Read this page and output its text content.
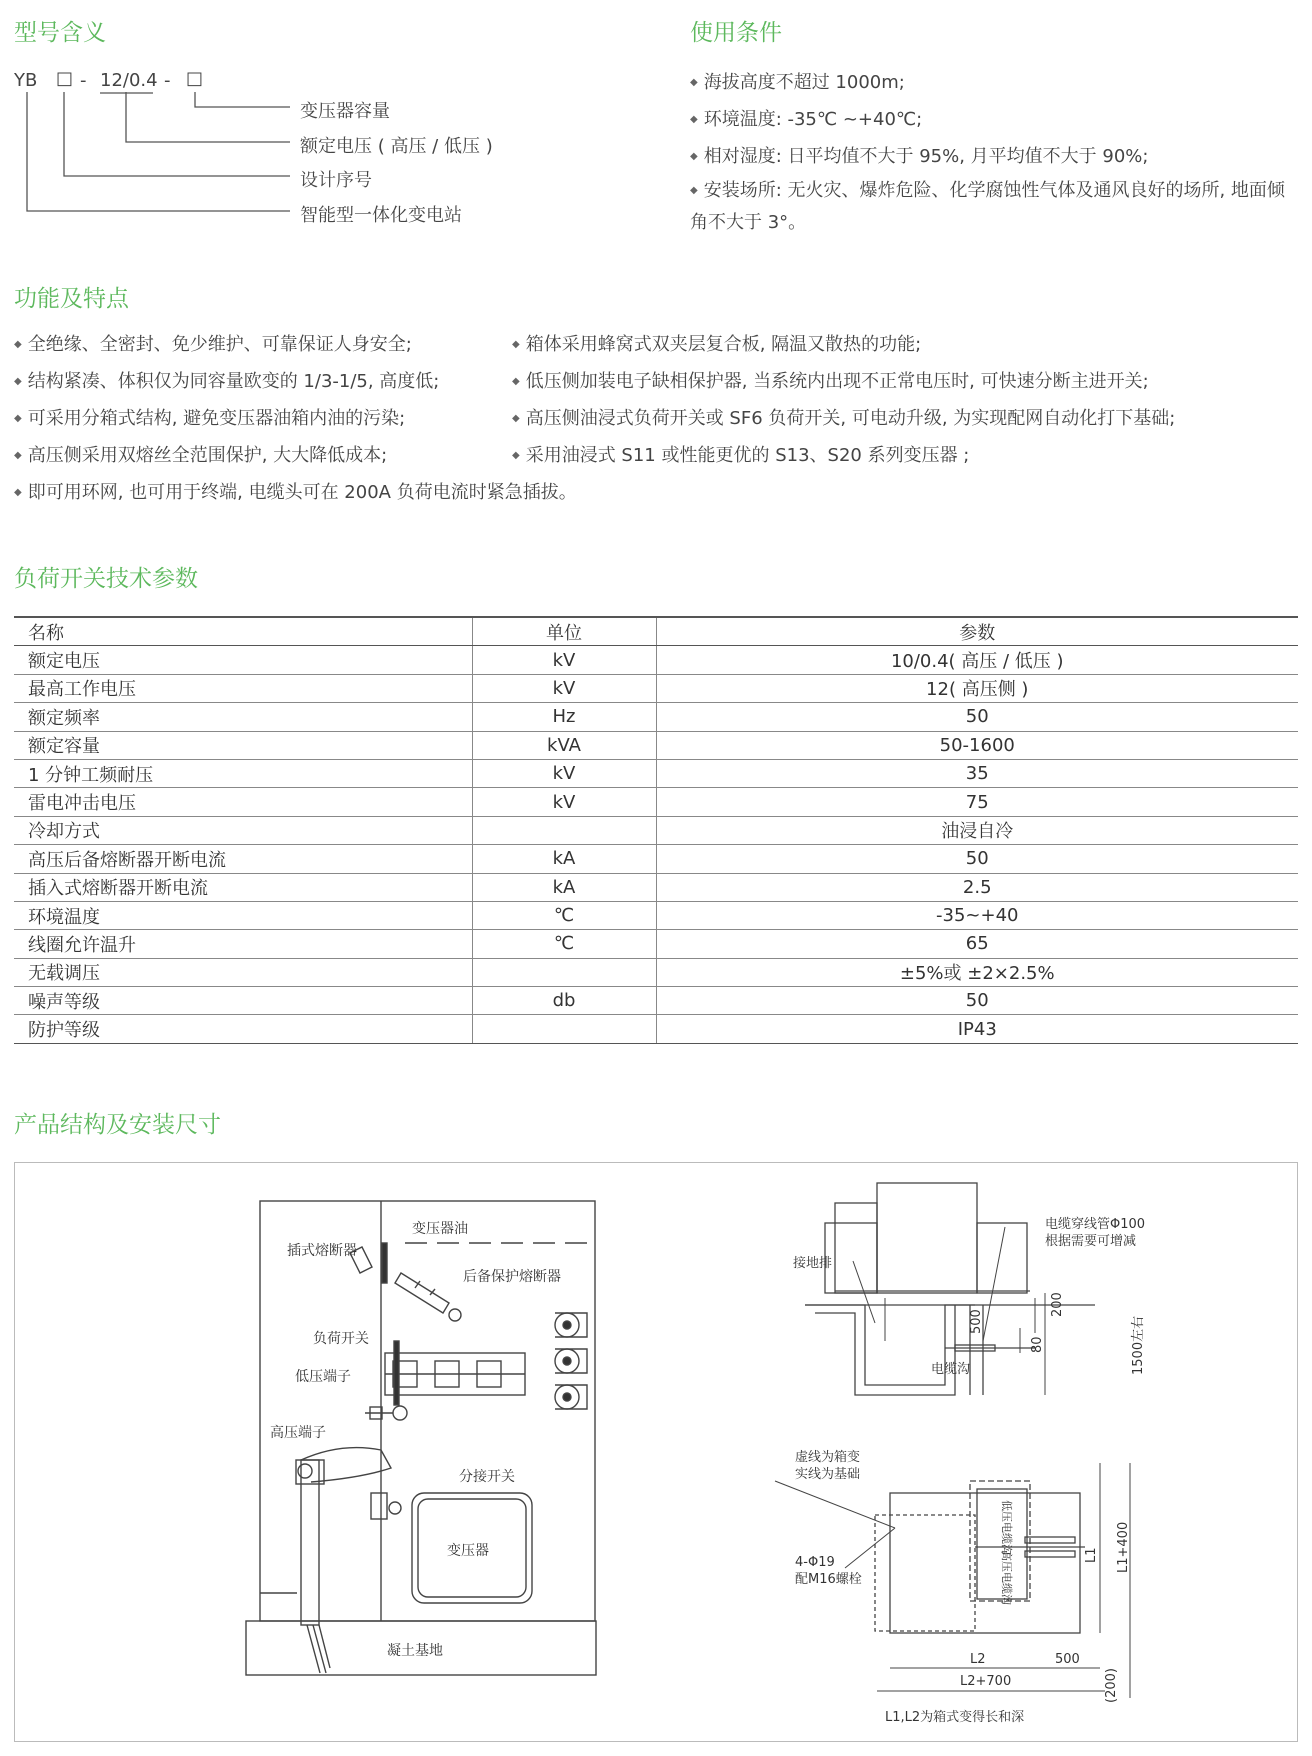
型号含义	使用条件
功能及特点
负荷开关技术参数
产品结构及安装尺寸
YB □ - 12/0.4 - □
变压器容量
额定电压 ( 高压 / 低压 )
设计序号
智能型一体化变电站
◆ 海拔高度不超过 1000m;
◆ 环境温度: -35℃ ~+40℃;
◆ 相对湿度: 日平均值不大于 95%, 月平均值不大于 90%;
◆ 安装场所: 无火灾、爆炸危险、化学腐蚀性气体及通风良好的场所, 地面倾角不大于 3°。
◆ 全绝缘、全密封、免少维护、可靠保证人身安全;
◆ 结构紧凑、体积仅为同容量欧变的 1/3-1/5, 高度低;
◆ 可采用分箱式结构, 避免变压器油箱内油的污染;
◆ 高压侧采用双熔丝全范围保护, 大大降低成本;
◆ 即可用环网, 也可用于终端, 电缆头可在 200A 负荷电流时紧急插拔。
◆ 箱体采用蜂窝式双夹层复合板, 隔温又散热的功能;
◆ 低压侧加装电子缺相保护器, 当系统内出现不正常电压时, 可快速分断主进开关;
◆ 高压侧油浸式负荷开关或 SF6 负荷开关, 可电动升级, 为实现配网自动化打下基础;
◆ 采用油浸式 S11 或性能更优的 S13、S20 系列变压器 ;
名称	单位	参数
额定电压	kV	10/0.4( 高压 / 低压 )
最高工作电压	kV	12( 高压侧 )
额定频率	Hz	50
额定容量	kVA	50-1600
1 分钟工频耐压	kV	35
雷电冲击电压	kV	75
冷却方式		油浸自冷
高压后备熔断器开断电流	kA	50
插入式熔断器开断电流	kA	2.5
环境温度	℃	-35~+40
线圈允许温升	℃	65
无载调压		±5%或 ±2×2.5%
噪声等级	db	50
防护等级		IP43
变压器油
插式熔断器
后备保护熔断器
负荷开关
低压端子
高压端子
分接开关
变压器
凝土基地
电缆穿线管Φ100
根据需要可增减
接地排
电缆沟
500
200
80	1500左右
虚线为箱变
实线为基础
低压电缆沟
高压电缆沟
4-Φ19
配M16螺栓
L1 L1+400
L2
L2+700
500
(200)
L1,L2为箱式变得长和深
